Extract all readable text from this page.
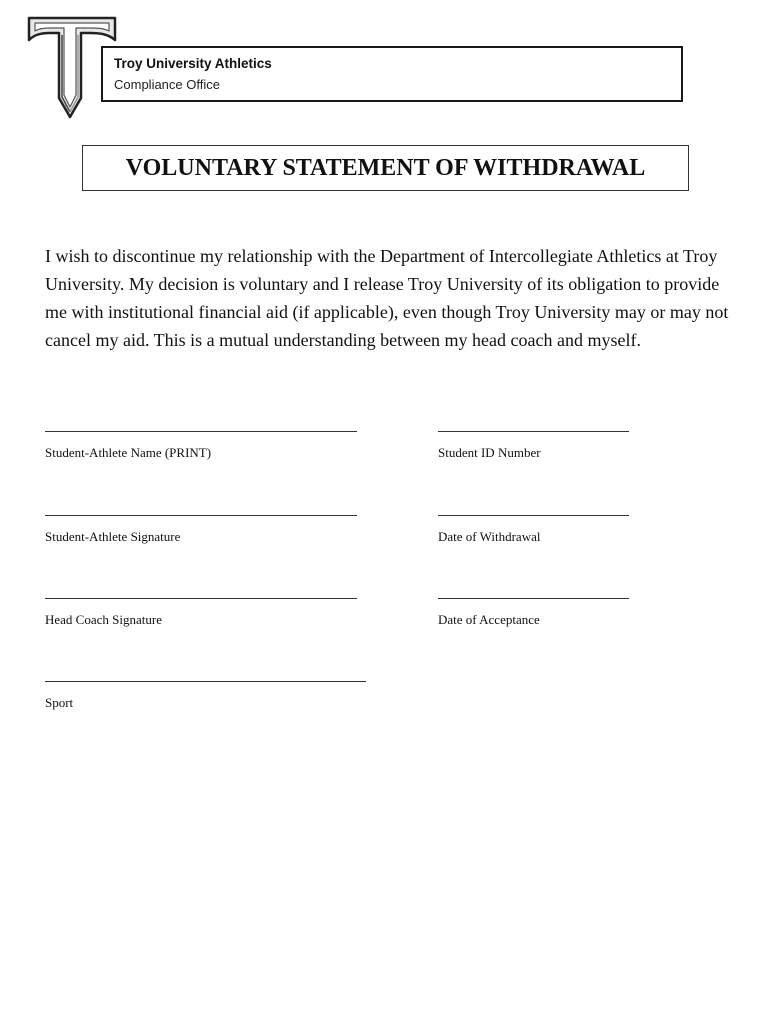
Troy University Athletics
Compliance Office
VOLUNTARY STATEMENT OF WITHDRAWAL

I wish to discontinue my relationship with the Department of Intercollegiate Athletics at Troy University. My decision is voluntary and I release Troy University of its obligation to provide me with institutional financial aid (if applicable), even though Troy University may or may not cancel my aid. This is a mutual understanding between my head coach and myself.

Student-Athlete Name (PRINT)	Student ID Number
Student-Athlete Signature	Date of Withdrawal
Head Coach Signature	Date of Acceptance
Sport
